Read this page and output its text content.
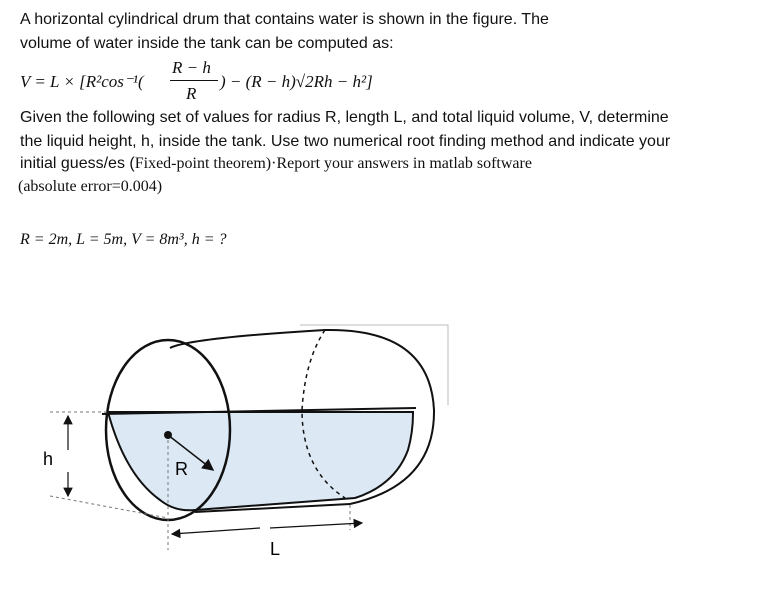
A horizontal cylindrical drum that contains water is shown in the figure. The
volume of water inside the tank can be computed as:
V = L × [R²cos⁻¹(
R − h
R
) − (R − h)√2Rh − h²]
Given the following set of values for radius R, length L, and total liquid volume, V, determine
the liquid height, h, inside the tank. Use two numerical root finding method and indicate your
initial guess/es (Fixed-point theorem)·Report your answers in matlab software
(absolute error=0.004)
R = 2m, L = 5m, V = 8m³, h = ?
h	R
L
